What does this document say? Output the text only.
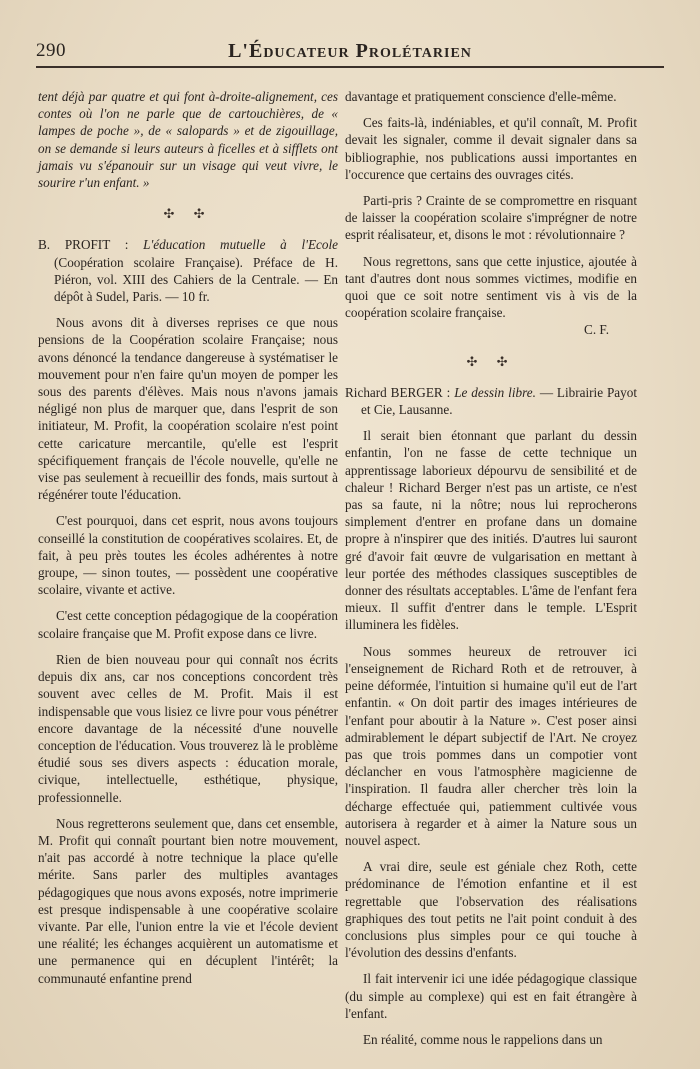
290	L'Éducateur Prolétarien

tent déjà par quatre et qui font à-droite-alignement, ces contes où l'on ne parle que de cartouchières, de « lampes de poche », de « salopards » et de zigouillage, on se demande si leurs auteurs à ficelles et à sifflets ont jamais vu s'épanouir sur un visage qui veut vivre, le sourire r'un enfant. »

✣ ✣

B. PROFIT : L'éducation mutuelle à l'Ecole (Coopération scolaire Française). Préface de H. Piéron, vol. XIII des Cahiers de la Centrale. — En dépôt à Sudel, Paris. — 10 fr.

Nous avons dit à diverses reprises ce que nous pensions de la Coopération scolaire Française; nous avons dénoncé la tendance dangereuse à systématiser le mouvement pour n'en faire qu'un moyen de pomper les sous des parents d'élèves. Mais nous n'avons jamais négligé non plus de marquer que, dans l'esprit de son initiateur, M. Profit, la coopération scolaire n'est point cette caricature mercantile, qu'elle est l'esprit spécifiquement français de l'école nouvelle, qu'elle ne vise pas seulement à recueillir des fonds, mais surtout à régénérer toute l'éducation.

C'est pourquoi, dans cet esprit, nous avons toujours conseillé la constitution de coopératives scolaires. Et, de fait, à peu près toutes les écoles adhérentes à notre groupe, — sinon toutes, — possèdent une coopérative scolaire, vivante et active.

C'est cette conception pédagogique de la coopération scolaire française que M. Profit expose dans ce livre.

Rien de bien nouveau pour qui connaît nos écrits depuis dix ans, car nos conceptions concordent très souvent avec celles de M. Profit. Mais il est indispensable que vous lisiez ce livre pour vous pénétrer encore davantage de la nécessité d'une nouvelle conception de l'éducation. Vous trouverez là le problème étudié sous ses divers aspects : éducation morale, civique, intellectuelle, esthétique, physique, professionnelle.

Nous regretterons seulement que, dans cet ensemble, M. Profit qui connaît pourtant bien notre mouvement, n'ait pas accordé à notre technique la place qu'elle mérite. Sans parler des multiples avantages pédagogiques que nous avons exposés, notre imprimerie est presque indispensable à une coopérative scolaire vivante. Par elle, l'union entre la vie et l'école devient une réalité; les échanges acquièrent un automatisme et une permanence qui en décuplent l'intérêt; la communauté enfantine prend

davantage et pratiquement conscience d'elle-même.

Ces faits-là, indéniables, et qu'il connaît, M. Profit devait les signaler, comme il devait signaler dans sa bibliographie, nos publications aussi importantes en l'occurence que certains des ouvrages cités.

Parti-pris ? Crainte de se compromettre en risquant de laisser la coopération scolaire s'imprégner de notre esprit réalisateur, et, disons le mot : révolutionnaire ?

Nous regrettons, sans que cette injustice, ajoutée à tant d'autres dont nous sommes victimes, modifie en quoi que ce soit notre sentiment vis à vis de la coopération scolaire française.

C. F.

✣ ✣

Richard BERGER : Le dessin libre. — Librairie Payot et Cie, Lausanne.

Il serait bien étonnant que parlant du dessin enfantin, l'on ne fasse de cette technique un apprentissage laborieux dépourvu de sensibilité et de chaleur ! Richard Berger n'est pas un artiste, ce n'est pas sa faute, ni la nôtre; nous lui reprocherons simplement d'entrer en profane dans un domaine propre à n'inspirer que des initiés. D'autres lui sauront gré d'avoir fait œuvre de vulgarisation en mettant à leur portée des méthodes classiques susceptibles de donner des résultats acceptables. L'âme de l'enfant fera mieux. Il suffit d'entrer dans le temple. L'Esprit illuminera les fidèles.

Nous sommes heureux de retrouver ici l'enseignement de Richard Roth et de retrouver, à peine déformée, l'intuition si humaine qu'il eut de l'art enfantin. « On doit partir des images intérieures de l'enfant pour aboutir à la Nature ». C'est poser ainsi admirablement le départ subjectif de l'Art. Ne croyez pas que trois pommes dans un compotier vont déclancher en vous l'atmosphère magicienne de l'inspiration. Il faudra aller chercher très loin la décharge effectuée qui, patiemment cultivée vous autorisera à regarder et à aimer la Nature sous un nouvel aspect.

A vrai dire, seule est géniale chez Roth, cette prédominance de l'émotion enfantine et il est regrettable que l'observation des réalisations graphiques des tout petits ne l'ait point conduit à des conclusions plus simples pour ce qui touche à l'évolution des dessins d'enfants.

Il fait intervenir ici une idée pédagogique classique (du simple au complexe) qui est en fait étrangère à l'enfant.

En réalité, comme nous le rappelions dans un
